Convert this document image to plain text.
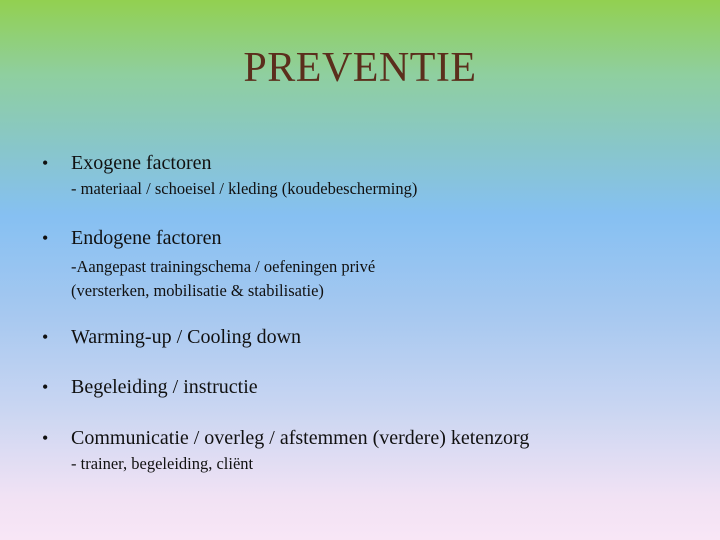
PREVENTIE
• Exogene factoren
- materiaal / schoeisel / kleding (koudebescherming)
• Endogene factoren
-Aangepast trainingschema / oefeningen privé
(versterken, mobilisatie & stabilisatie)
• Warming-up / Cooling down
• Begeleiding / instructie
• Communicatie / overleg / afstemmen (verdere) ketenzorg
- trainer, begeleiding, cliënt
